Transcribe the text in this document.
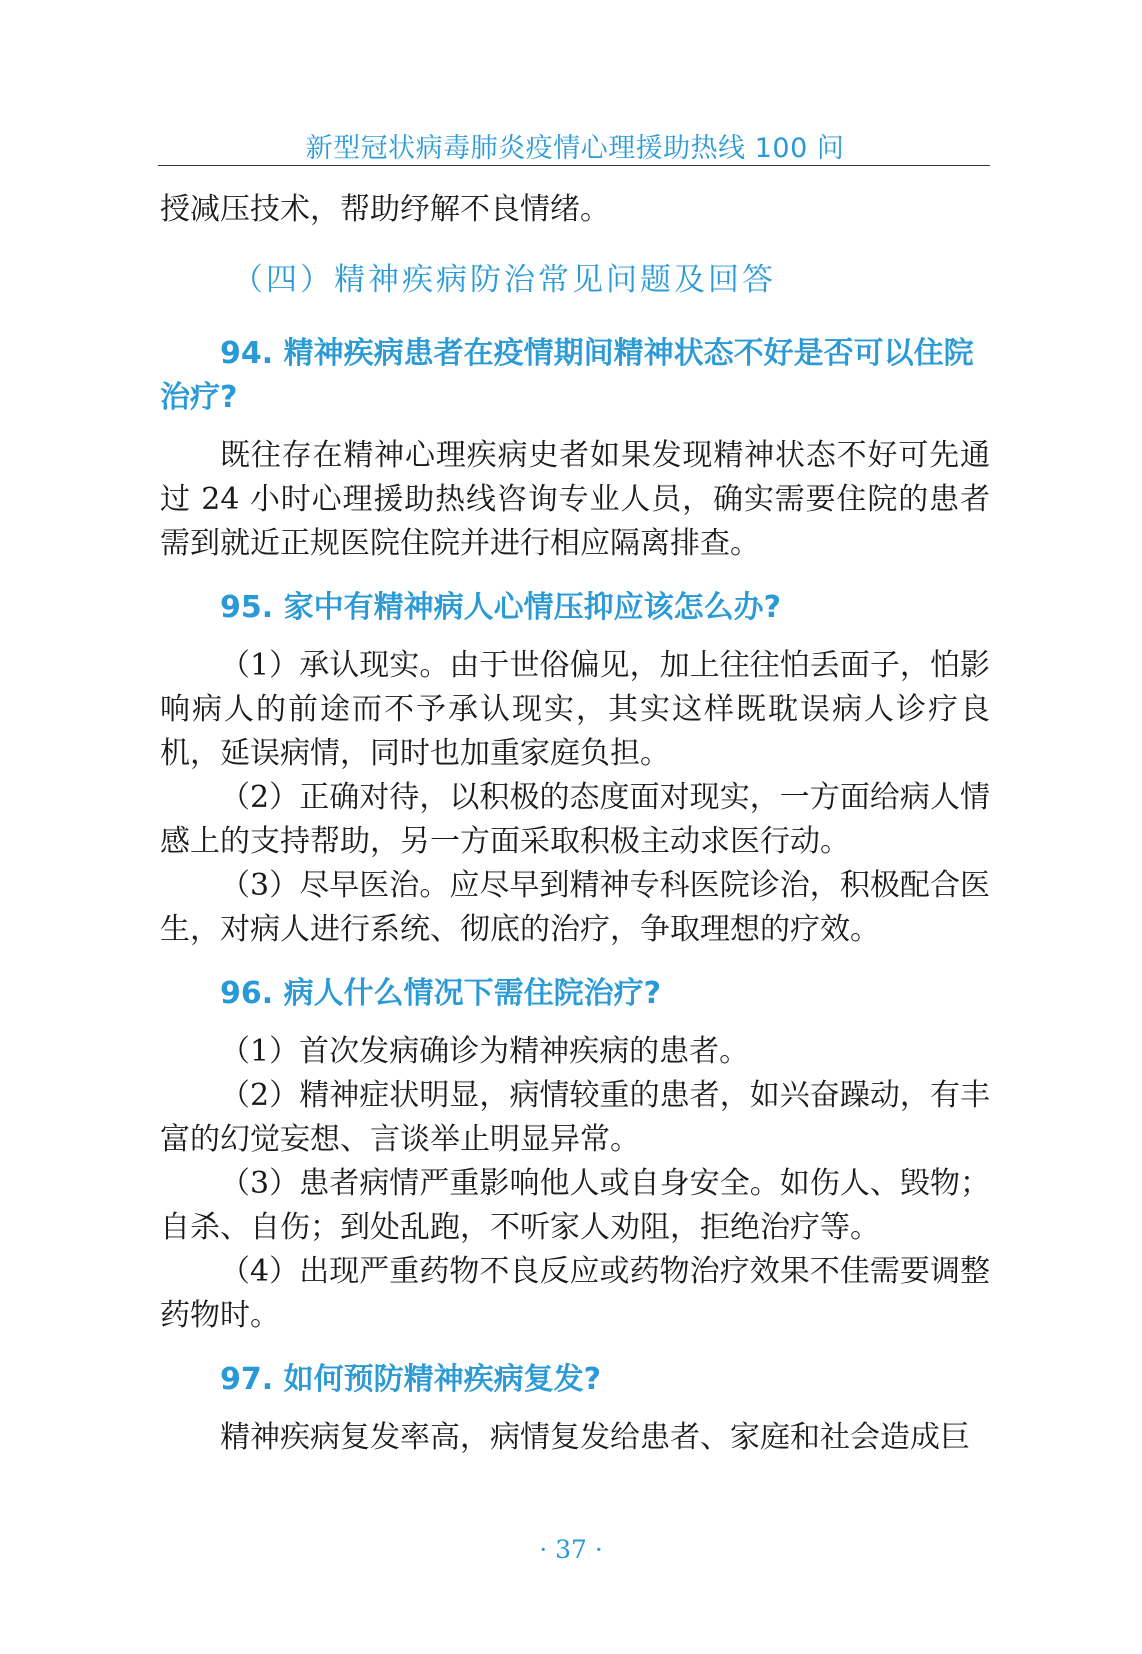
新型冠状病毒肺炎疫情心理援助热线 100 问

授减压技术，帮助纾解不良情绪。

（四）精神疾病防治常见问题及回答
94. 精神疾病患者在疫情期间精神状态不好是否可以住院治疗?

既往存在精神心理疾病史者如果发现精神状态不好可先通过 24 小时心理援助热线咨询专业人员，确实需要住院的患者需到就近正规医院住院并进行相应隔离排查。

95. 家中有精神病人心情压抑应该怎么办?

（1）承认现实。由于世俗偏见，加上往往怕丢面子，怕影响病人的前途而不予承认现实，其实这样既耽误病人诊疗良机，延误病情，同时也加重家庭负担。

（2）正确对待，以积极的态度面对现实，一方面给病人情感上的支持帮助，另一方面采取积极主动求医行动。

（3）尽早医治。应尽早到精神专科医院诊治，积极配合医生，对病人进行系统、彻底的治疗，争取理想的疗效。

96. 病人什么情况下需住院治疗?

（1）首次发病确诊为精神疾病的患者。

（2）精神症状明显，病情较重的患者，如兴奋躁动，有丰富的幻觉妄想、言谈举止明显异常。

（3）患者病情严重影响他人或自身安全。如伤人、毁物；自杀、自伤；到处乱跑，不听家人劝阻，拒绝治疗等。

（4）出现严重药物不良反应或药物治疗效果不佳需要调整药物时。

97. 如何预防精神疾病复发?

精神疾病复发率高，病情复发给患者、家庭和社会造成巨

· 37 ·
